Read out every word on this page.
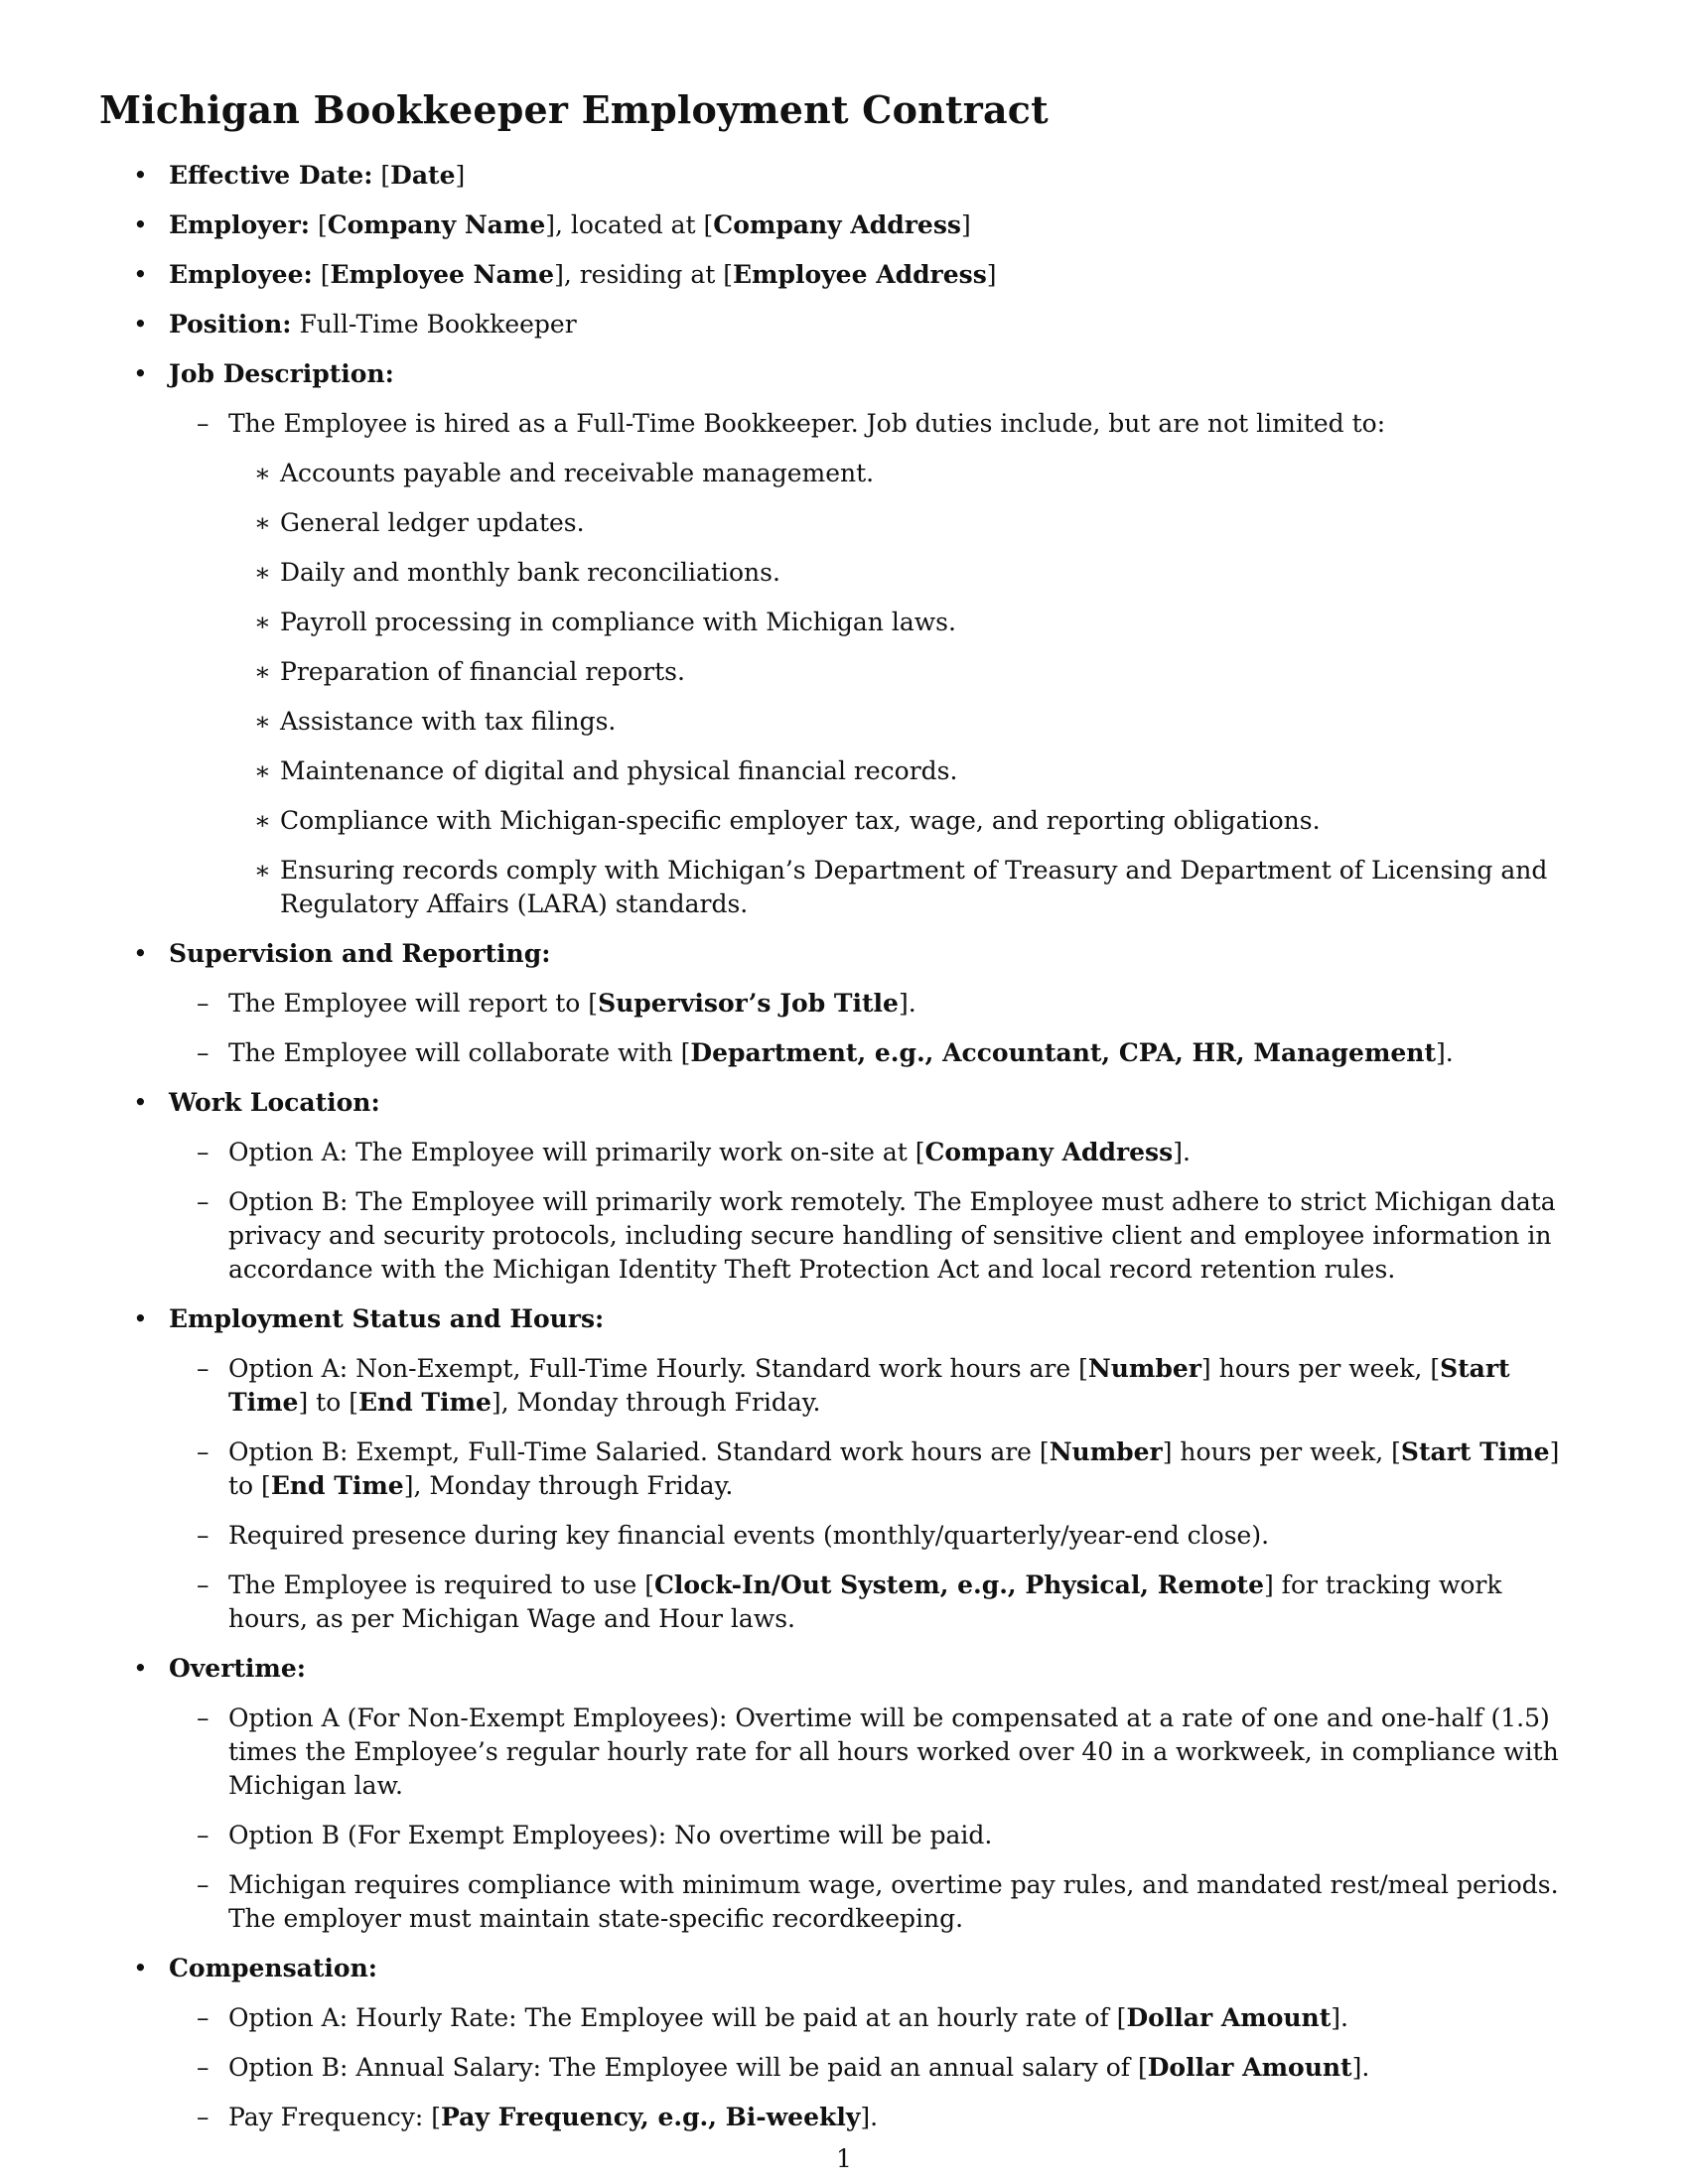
Michigan Bookkeeper Employment Contract
• Effective Date: [Date]
• Employer: [Company Name], located at [Company Address]
• Employee: [Employee Name], residing at [Employee Address]
• Position: Full-Time Bookkeeper
• Job Description:
– The Employee is hired as a Full-Time Bookkeeper. Job duties include, but are not limited to:
∗ Accounts payable and receivable management.
∗ General ledger updates.
∗ Daily and monthly bank reconciliations.
∗ Payroll processing in compliance with Michigan laws.
∗ Preparation of financial reports.
∗ Assistance with tax filings.
∗ Maintenance of digital and physical financial records.
∗ Compliance with Michigan-specific employer tax, wage, and reporting obligations.
∗ Ensuring records comply with Michigan’s Department of Treasury and Department of Licensing and Regulatory Affairs (LARA) standards.
• Supervision and Reporting:
– The Employee will report to [Supervisor’s Job Title].
– The Employee will collaborate with [Department, e.g., Accountant, CPA, HR, Management].
• Work Location:
– Option A: The Employee will primarily work on-site at [Company Address].
– Option B: The Employee will primarily work remotely. The Employee must adhere to strict Michigan data privacy and security protocols, including secure handling of sensitive client and employee information in accordance with the Michigan Identity Theft Protection Act and local record retention rules.
• Employment Status and Hours:
– Option A: Non-Exempt, Full-Time Hourly. Standard work hours are [Number] hours per week, [Start Time] to [End Time], Monday through Friday.
– Option B: Exempt, Full-Time Salaried. Standard work hours are [Number] hours per week, [Start Time] to [End Time], Monday through Friday.
– Required presence during key financial events (monthly/quarterly/year-end close).
– The Employee is required to use [Clock-In/Out System, e.g., Physical, Remote] for tracking work hours, as per Michigan Wage and Hour laws.
• Overtime:
– Option A (For Non-Exempt Employees): Overtime will be compensated at a rate of one and one-half (1.5) times the Employee’s regular hourly rate for all hours worked over 40 in a workweek, in compliance with Michigan law.
– Option B (For Exempt Employees): No overtime will be paid.
– Michigan requires compliance with minimum wage, overtime pay rules, and mandated rest/meal periods. The employer must maintain state-specific recordkeeping.
• Compensation:
– Option A: Hourly Rate: The Employee will be paid at an hourly rate of [Dollar Amount].
– Option B: Annual Salary: The Employee will be paid an annual salary of [Dollar Amount].
– Pay Frequency: [Pay Frequency, e.g., Bi-weekly].
1
